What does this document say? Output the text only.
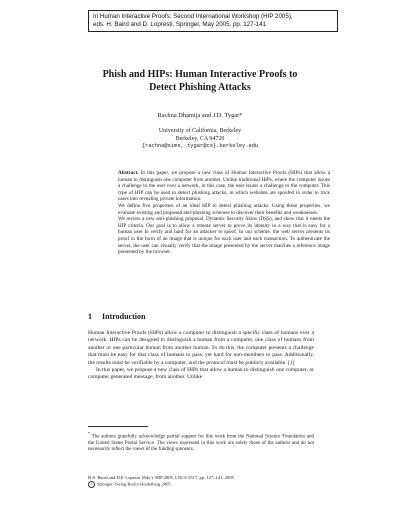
In Human Interactive Proofs: Second International Workshop (HIP 2005),
eds. H. Baird and D. Lopresti, Springer, May 2005, pp. 127-141
Phish and HIPs: Human Interactive Proofs to
Detect Phishing Attacks
Rachna Dhamija and J.D. Tygar*
University of California, Berkeley
Berkeley, CA 94720
{rachna@sims, tygar@cs}.berkeley.edu

Abstract. In this paper, we propose a new class of Human Interactive Proofs (HIPs) that allow a human to distinguish one computer from another. Unlike traditional HIPs, where the computer issues a challenge to the user over a network, in this case, the user issues a challenge to the computer. This type of HIP can be used to detect phishing attacks, in which websites are spoofed in order to trick users into revealing private information.

We define five properties of an ideal HIP to detect phishing attacks. Using these properties, we evaluate existing and proposed anti-phishing schemes to discover their benefits and weaknesses.

We review a new anti-phishing proposal, Dynamic Security Skins (DSS), and show that it meets the HIP criteria. Our goal is to allow a remote server to prove its identity in a way that is easy for a human user to verify and hard for an attacker to spoof. In our scheme, the web server presents its proof in the form of an image that is unique for each user and each transaction. To authenticate the server, the user can visually verify that the image presented by the server matches a reference image presented by the browser.

1 Introduction

Human Interactive Proofs (HIPs) allow a computer to distinguish a specific class of humans over a network. HIPs can be designed to distinguish a human from a computer, one class of humans from another or one particular human from another human. To do this, the computer presents a challenge that must be easy for that class of humans to pass, yet hard for non-members to pass. Additionally, the results must be verifiable by a computer, and the protocol must be publicly available. [1]

In this paper, we propose a new class of HIPs that allow a human to distinguish one computer, or computer generated message, from another. Unlike

* The authors gratefully acknowledge partial support for this work from the National Science Foundation and the United States Postal Service. The views expressed in this work are solely those of the authors and do not necessarily reflect the views of the funding sponsors.
H.S. Baird and D.P. Lopresti (Eds.): HIP 2005, LNCS 3517, pp. 127–141, 2005.
c Springer-Verlag Berlin Heidelberg 2005
